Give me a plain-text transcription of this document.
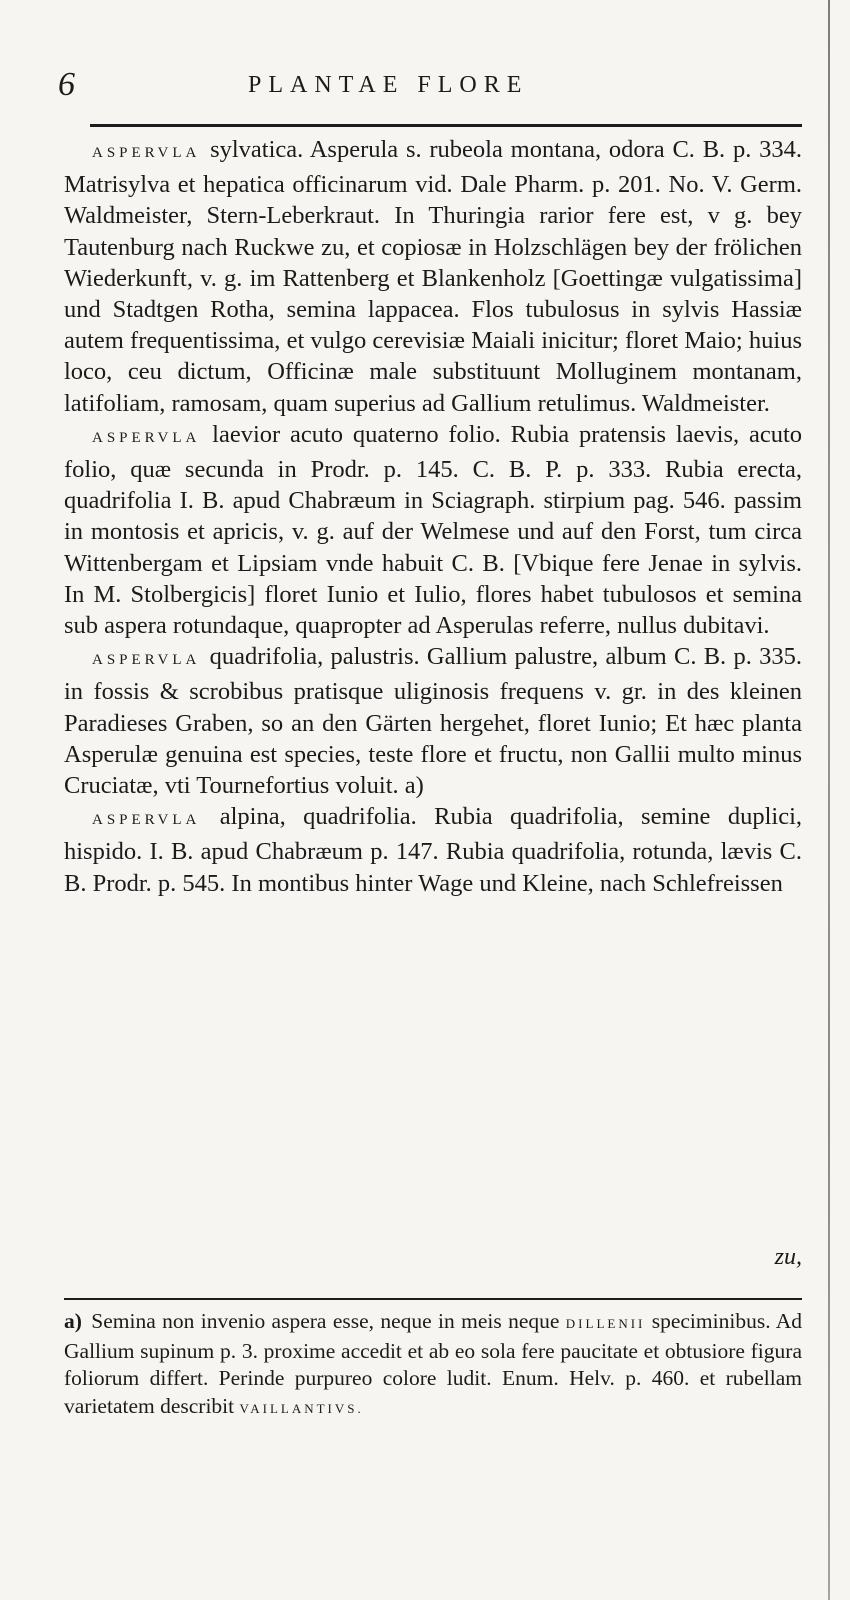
6	PLANTAE FLORE

ASPERVLA sylvatica. Asperula s. rubeola montana, odora C. B. p. 334. Matrisylva et hepatica officinarum vid. Dale Pharm. p. 201. No. V. Germ. Waldmeister, Stern-Leberkraut. In Thuringia rarior fere est, v g. bey Tautenburg nach Ruckwe zu, et copiosæ in Holzschlägen bey der frölichen Wiederkunft, v. g. im Rattenberg et Blankenholz [Goettingæ vulgatissima] und Stadtgen Rotha, semina lappacea. Flos tubulosus in sylvis Hassiæ autem frequentissima, et vulgo cerevisiæ Maiali inicitur; floret Maio; huius loco, ceu dictum, Officinæ male substituunt Molluginem montanam, latifoliam, ramosam, quam superius ad Gallium retulimus. Waldmeister.

ASPERVLA laevior acuto quaterno folio. Rubia pratensis laevis, acuto folio, quæ secunda in Prodr. p. 145. C. B. P. p. 333. Rubia erecta, quadrifolia I. B. apud Chabræum in Sciagraph. stirpium pag. 546. passim in montosis et apricis, v. g. auf der Welmese und auf den Forst, tum circa Wittenbergam et Lipsiam vnde habuit C. B. [Vbique fere Jenae in sylvis. In M. Stolbergicis] floret Iunio et Iulio, flores habet tubulosos et semina sub aspera rotundaque, quapropter ad Asperulas referre, nullus dubitavi.

ASPERVLA quadrifolia, palustris. Gallium palustre, album C. B. p. 335. in fossis & scrobibus pratisque uliginosis frequens v. gr. in des kleinen Paradieses Graben, so an den Gärten hergehet, floret Iunio; Et hæc planta Asperulæ genuina est species, teste flore et fructu, non Gallii multo minus Cruciatæ, vti Tournefortius voluit. a)

ASPERVLA alpina, quadrifolia. Rubia quadrifolia, semine duplici, hispido. I. B. apud Chabræum p. 147. Rubia quadrifolia, rotunda, lævis C. B. Prodr. p. 545. In montibus hinter Wage und Kleine, nach Schlefreissen

zu,

a) Semina non invenio aspera esse, neque in meis neque DILLENII speciminibus. Ad Gallium supinum p. 3. proxime accedit et ab eo sola fere paucitate et obtusiore figura foliorum differt. Perinde purpureo colore ludit. Enum. Helv. p. 460. et rubellam varietatem describit VAILLANTIVS.
